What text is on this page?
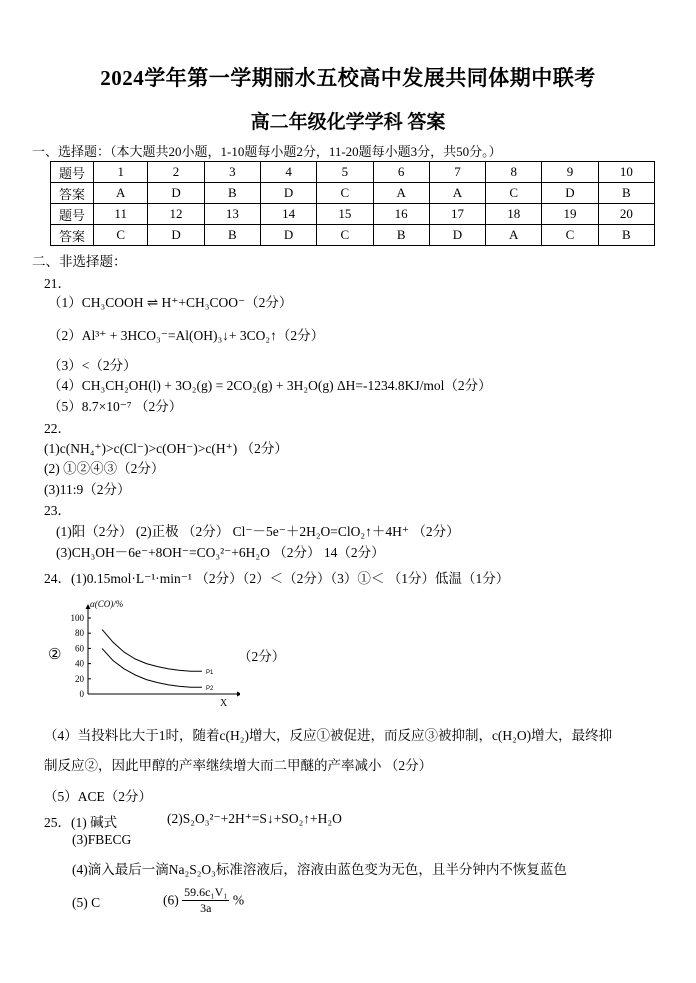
2024学年第一学期丽水五校高中发展共同体期中联考
高二年级化学学科 答案
一、选择题：（本大题共20小题，1-10题每小题2分，11-20题每小题3分，共50分。）
题号	1	2	3	4	5	6	7	8	9	10
答案	A	D	B	D	C	A	A	C	D	B
题号	11	12	13	14	15	16	17	18	19	20
答案	C	D	B	D	C	B	D	A	C	B
二、非选择题：
21．
（1）CH₃COOH ⇌ H⁺+CH₃COO⁻（2分）
（2）Al³⁺ + 3HCO₃⁻=Al(OH)₃↓+ 3CO₂↑（2分）
（3）<（2分）
（4）CH₃CH₂OH(l) + 3O₂(g) = 2CO₂(g) + 3H₂O(g) ΔH=-1234.8KJ/mol（2分）
（5）8.7×10⁻⁷ （2分）
22．
(1)c(NH₄⁺)>c(Cl⁻)>c(OH⁻)>c(H⁺) （2分）
(2) ①②④③（2分）
(3)11:9（2分）
23．
(1)阳（2分） (2)正极 （2分） Cl⁻－5e⁻＋2H₂O=ClO₂↑＋4H⁺ （2分）
(3)CH₃OH－6e⁻+8OH⁻=CO₃²⁻+6H₂O （2分） 14（2分）
24．(1)0.15mol·L⁻¹·min⁻¹ （2分）（2）＜（2分）（3）①＜ （1分）低温（1分）
②
α(CO)/%
X
100
80
60
40
20
0
P1
P2
（2分）
（4）当投料比大于1时，随着c(H₂)增大，反应①被促进，而反应③被抑制，c(H₂O)增大，最终抑
制反应②，因此甲醇的产率继续增大而二甲醚的产率减小 （2分）
（5）ACE（2分）
25．(1) 碱式	(2)S₂O₃²⁻+2H⁺=S↓+SO₂↑+H₂O
(3)FBECG
(4)滴入最后一滴Na₂S₂O₃标准溶液后，溶液由蓝色变为无色，且半分钟内不恢复蓝色
(5) C	$(6) \frac{\text{59.6c₁V₁}}{3a}$ %
